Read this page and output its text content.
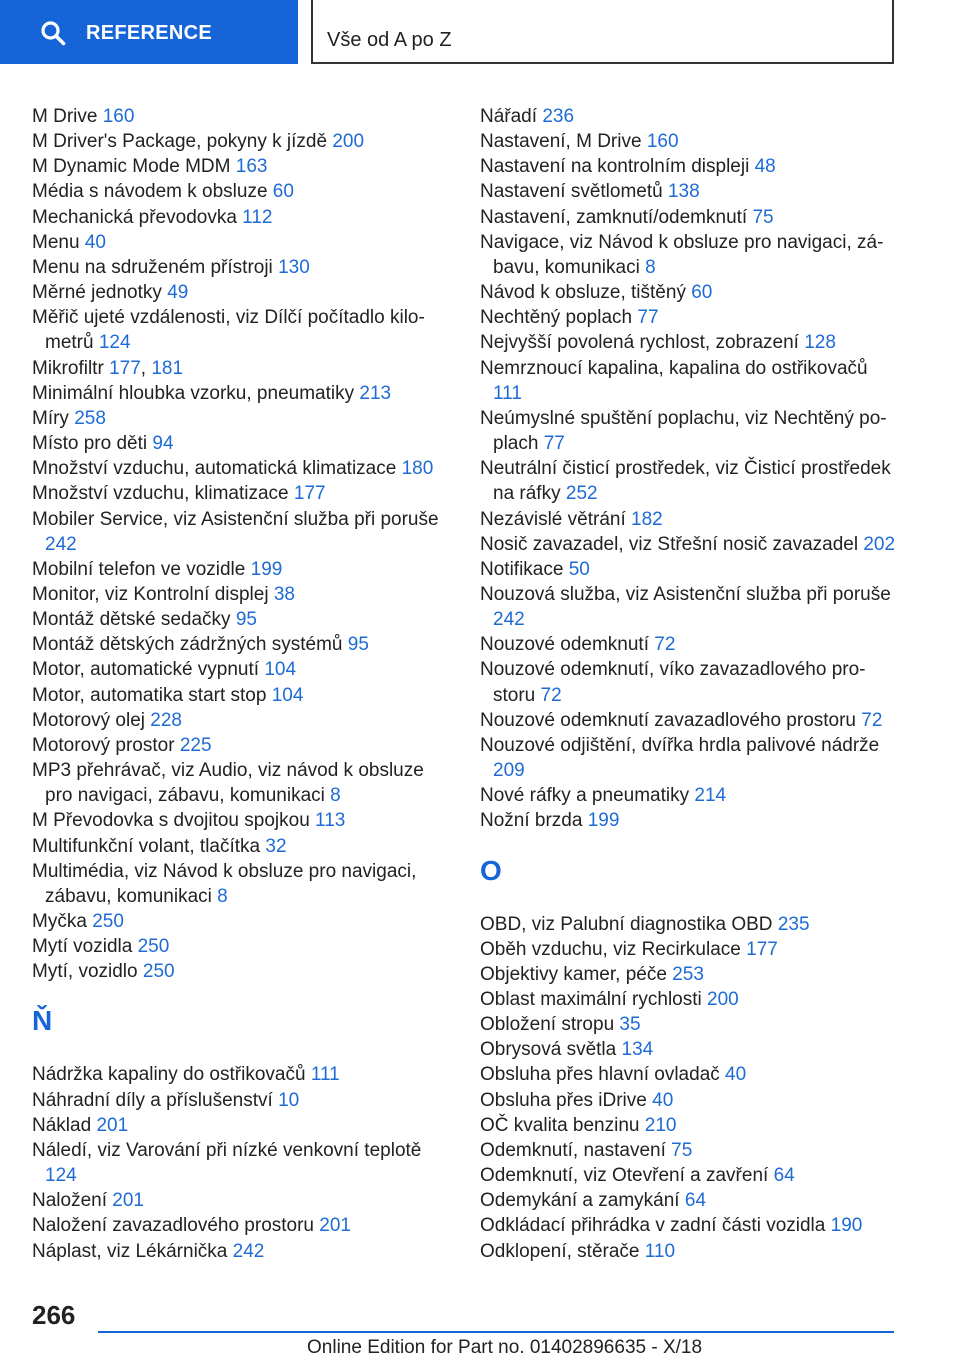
REFERENCE	Vše od A po Z
M Drive 160
M Driver's Package, pokyny k jízdě 200
M Dynamic Mode MDM 163
Média s návodem k obsluze 60
Mechanická převodovka 112
Menu 40
Menu na sdruženém přístroji 130
Měrné jednotky 49
Měřič ujeté vzdálenosti, viz Dílčí počítadlo kilometrů 124
Mikrofiltr 177, 181
Minimální hloubka vzorku, pneumatiky 213
Míry 258
Místo pro děti 94
Množství vzduchu, automatická klimatizace 180
Množství vzduchu, klimatizace 177
Mobiler Service, viz Asistenční služba při poruše 242
Mobilní telefon ve vozidle 199
Monitor, viz Kontrolní displej 38
Montáž dětské sedačky 95
Montáž dětských zádržných systémů 95
Motor, automatické vypnutí 104
Motor, automatika start stop 104
Motorový olej 228
Motorový prostor 225
MP3 přehrávač, viz Audio, viz návod k obsluze pro navigaci, zábavu, komunikaci 8
M Převodovka s dvojitou spojkou 113
Multifunkční volant, tlačítka 32
Multimédia, viz Návod k obsluze pro navigaci, zábavu, komunikaci 8
Myčka 250
Mytí vozidla 250
Mytí, vozidlo 250
Ň
Nádržka kapaliny do ostřikovačů 111
Náhradní díly a příslušenství 10
Náklad 201
Náledí, viz Varování při nízké venkovní teplotě 124
Naložení 201
Naložení zavazadlového prostoru 201
Náplast, viz Lékárnička 242
Nářadí 236
Nastavení, M Drive 160
Nastavení na kontrolním displeji 48
Nastavení světlometů 138
Nastavení, zamknutí/odemknutí 75
Navigace, viz Návod k obsluze pro navigaci, zábavu, komunikaci 8
Návod k obsluze, tištěný 60
Nechtěný poplach 77
Nejvyšší povolená rychlost, zobrazení 128
Nemrznoucí kapalina, kapalina do ostřikovačů 111
Neúmyslné spuštění poplachu, viz Nechtěný poplach 77
Neutrální čisticí prostředek, viz Čisticí prostředek na ráfky 252
Nezávislé větrání 182
Nosič zavazadel, viz Střešní nosič zavazadel 202
Notifikace 50
Nouzová služba, viz Asistenční služba při poruše 242
Nouzové odemknutí 72
Nouzové odemknutí, víko zavazadlového prostoru 72
Nouzové odemknutí zavazadlového prostoru 72
Nouzové odjištění, dvířka hrdla palivové nádrže 209
Nové ráfky a pneumatiky 214
Nožní brzda 199
O
OBD, viz Palubní diagnostika OBD 235
Oběh vzduchu, viz Recirkulace 177
Objektivy kamer, péče 253
Oblast maximální rychlosti 200
Obložení stropu 35
Obrysová světla 134
Obsluha přes hlavní ovladač 40
Obsluha přes iDrive 40
OČ kvalita benzinu 210
Odemknutí, nastavení 75
Odemknutí, viz Otevření a zavření 64
Odemykání a zamykání 64
Odkládací přihrádka v zadní části vozidla 190
Odklopení, stěrače 110
266
Online Edition for Part no. 01402896635 - X/18
